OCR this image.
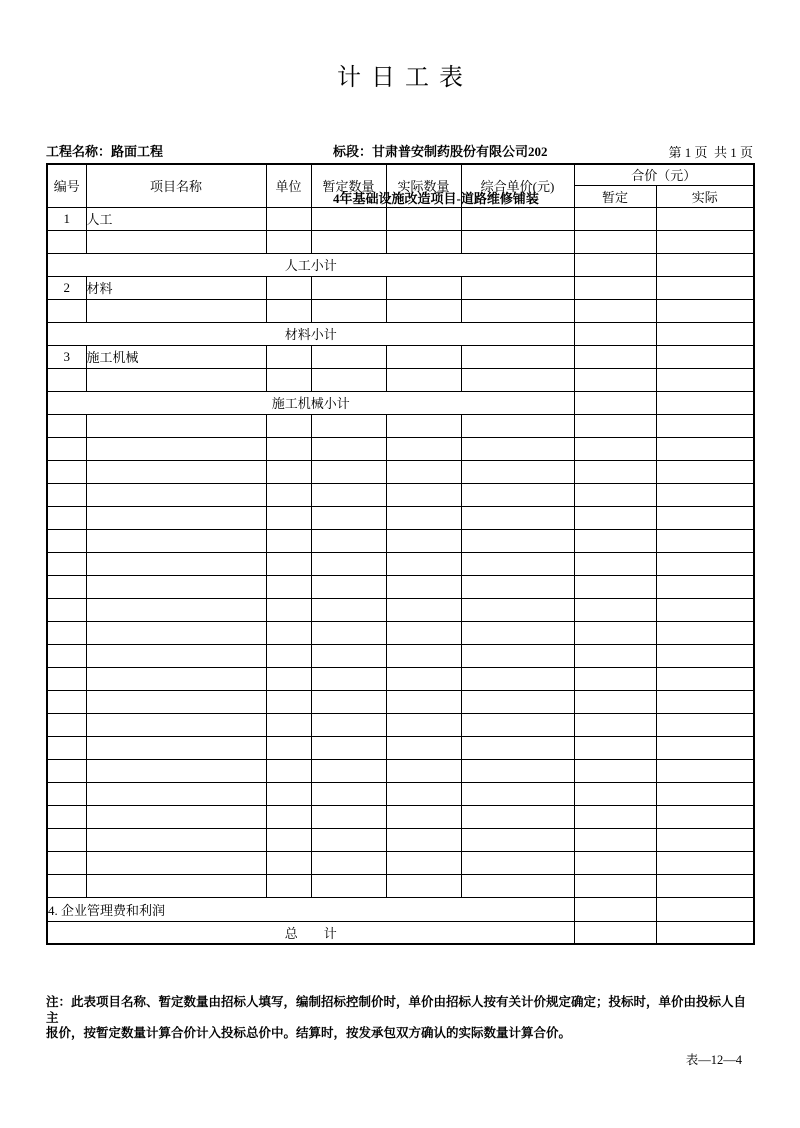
计日工表

标段：甘肃普安制药股份有限公司202

4年基础设施改造项目-道路维修铺装

工程名称：路面工程	第 1 页  共 1 页
编号	项目名称	单位	暂定数量	实际数量	综合单价(元)	合价（元）	
						暂定	实际
1	人工						

人工小计							
2	材料						

材料小计							
3	施工机械						

施工机械小计							

4. 企业管理费和利润							
总　　计							
注：此表项目名称、暂定数量由招标人填写，编制招标控制价时，单价由招标人按有关计价规定确定；投标时，单价由投标人自主
报价，按暂定数量计算合价计入投标总价中。结算时，按发承包双方确认的实际数量计算合价。
表—12—4
